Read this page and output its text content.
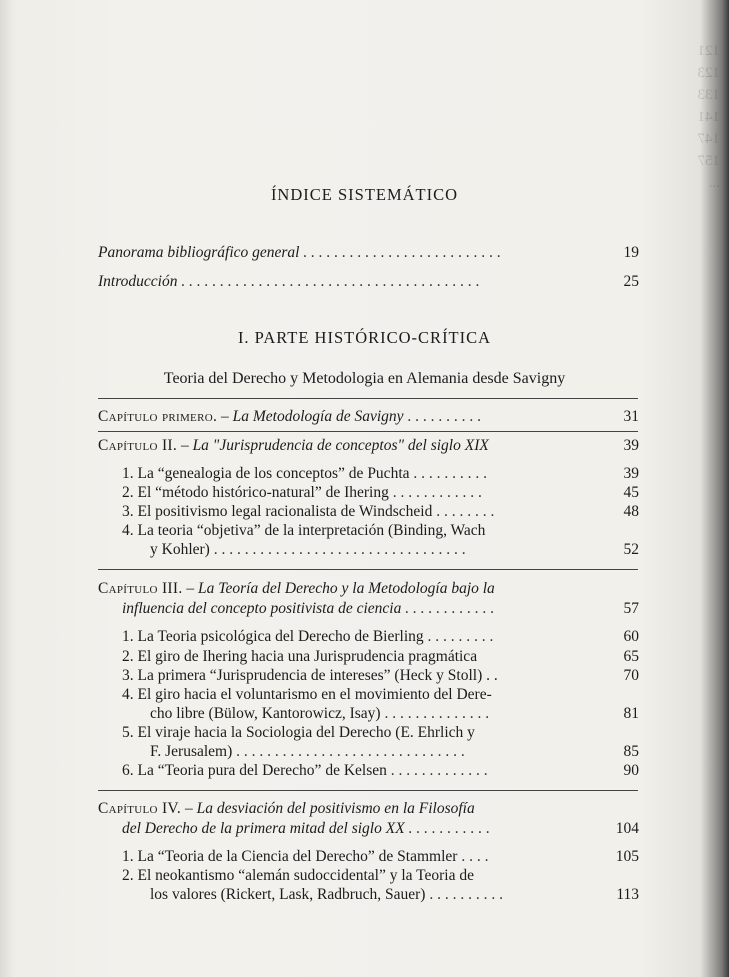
121
123
133
141
147
157
...

ÍNDICE SISTEMÁTICO
Panorama bibliográfico general . . . . . . . . . . . . . . . . . . . . . . . . . .	19
Introducción . . . . . . . . . . . . . . . . . . . . . . . . . . . . . . . . . . . . . . .	25
I. PARTE HISTÓRICO-CRÍTICA
Teoria del Derecho y Metodologia en Alemania desde Savigny
Capítulo primero. – La Metodología de Savigny . . . . . . . . . .	31
Capítulo II. – La "Jurisprudencia de conceptos" del siglo XIX	39
1. La “genealogia de los conceptos” de Puchta . . . . . . . . . .	39
2. El “método histórico-natural” de Ihering . . . . . . . . . . . .	45
3. El positivismo legal racionalista de Windscheid . . . . . . . .	48
4. La teoria “objetiva” de la interpretación (Binding, Wach
y Kohler) . . . . . . . . . . . . . . . . . . . . . . . . . . . . . . . . .	52
Capítulo III. – La Teoría del Derecho y la Metodología bajo la
influencia del concepto positivista de ciencia . . . . . . . . . . . .	57
1. La Teoria psicológica del Derecho de Bierling . . . . . . . . .	60
2. El giro de Ihering hacia una Jurisprudencia pragmática	65
3. La primera “Jurisprudencia de intereses” (Heck y Stoll) . .	70
4. El giro hacia el voluntarismo en el movimiento del Dere-
cho libre (Bülow, Kantorowicz, Isay) . . . . . . . . . . . . . .	81
5. El viraje hacia la Sociologia del Derecho (E. Ehrlich y
F. Jerusalem) . . . . . . . . . . . . . . . . . . . . . . . . . . . . . .	85
6. La “Teoria pura del Derecho” de Kelsen . . . . . . . . . . . . .	90
Capítulo IV. – La desviación del positivismo en la Filosofía
del Derecho de la primera mitad del siglo XX . . . . . . . . . . .	104
1. La “Teoria de la Ciencia del Derecho” de Stammler . . . .	105
2. El neokantismo “alemán sudoccidental” y la Teoria de
los valores (Rickert, Lask, Radbruch, Sauer) . . . . . . . . . .	113
